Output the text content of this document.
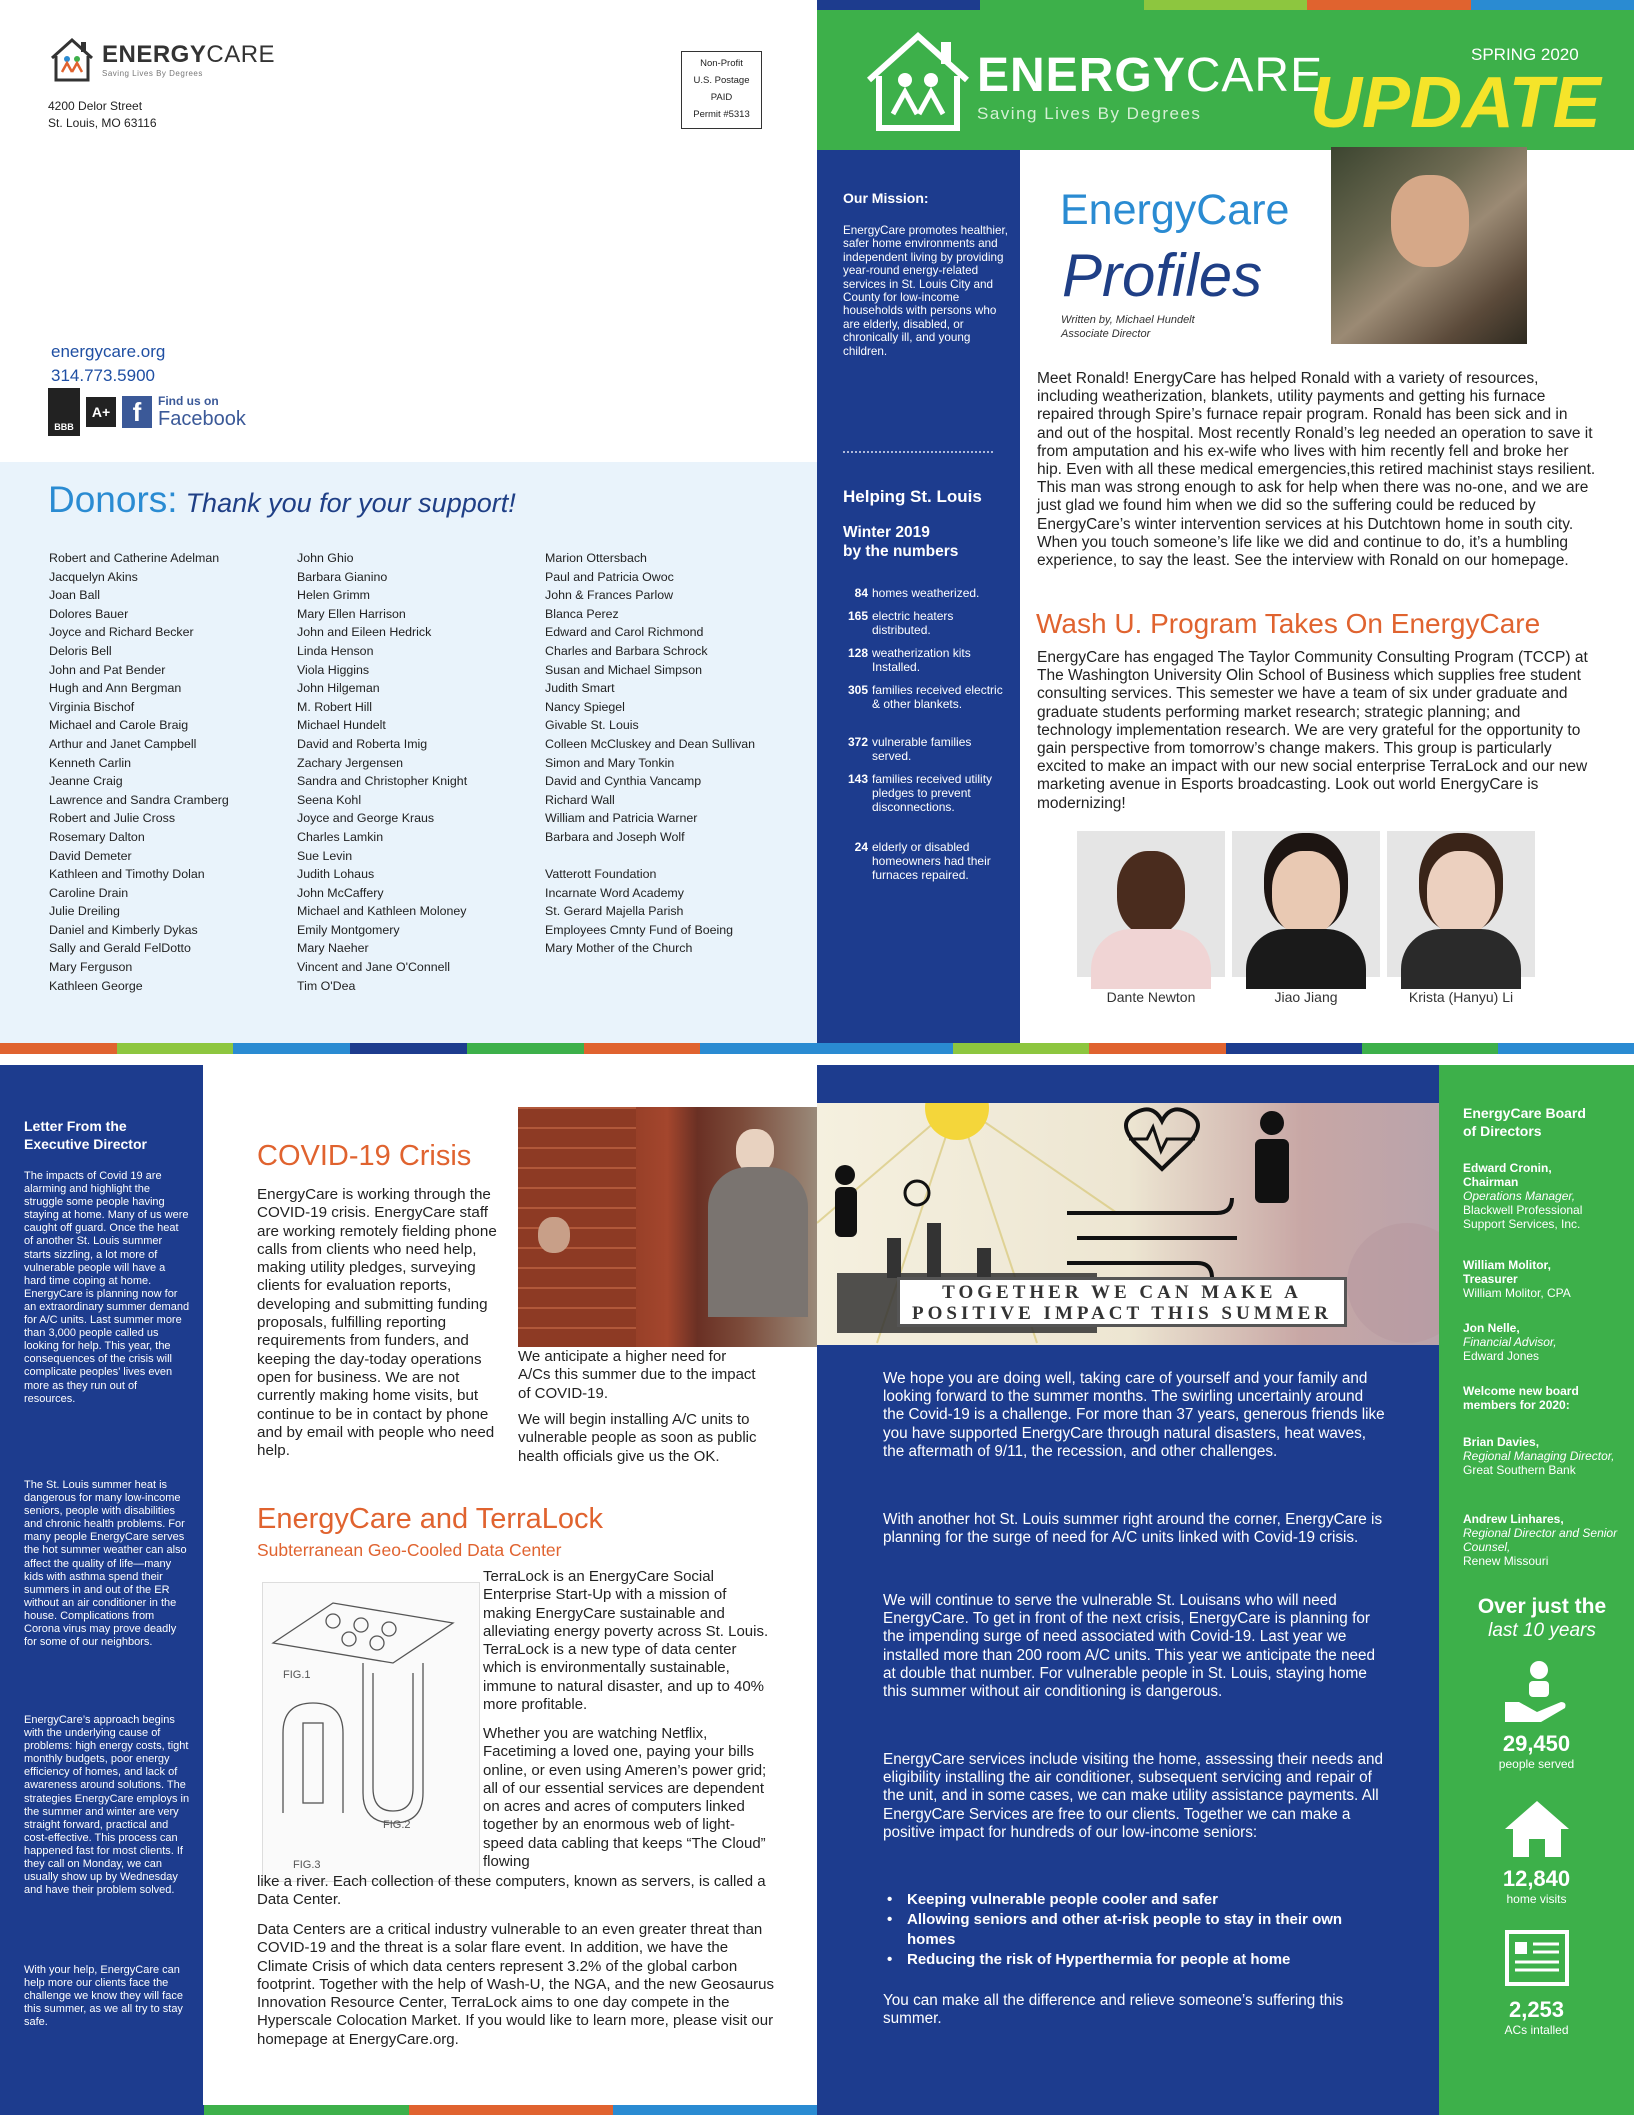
ENERGYCARE
Saving Lives By Degrees
4200 Delor Street
St. Louis, MO 63116
Non-Profit
U.S. Postage
PAID
Permit #5313
energycare.org
314.773.5900
BBB
A+ f	Find us on
Facebook
Donors: Thank you for your support!
Robert and Catherine Adelman
Jacquelyn Akins
Joan Ball
Dolores Bauer
Joyce and Richard Becker
Deloris Bell
John and Pat Bender
Hugh and Ann Bergman
Virginia Bischof
Michael and Carole Braig
Arthur and Janet Campbell
Kenneth Carlin
Jeanne Craig
Lawrence and Sandra Cramberg
Robert and Julie Cross
Rosemary Dalton
David Demeter
Kathleen and Timothy Dolan
Caroline Drain
Julie Dreiling
Daniel and Kimberly Dykas
Sally and Gerald FelDotto
Mary Ferguson
Kathleen George
John Ghio
Barbara Gianino
Helen Grimm
Mary Ellen Harrison
John and Eileen Hedrick
Linda Henson
Viola Higgins
John Hilgeman
M. Robert Hill
Michael Hundelt
David and Roberta Imig
Zachary Jergensen
Sandra and Christopher Knight
Seena Kohl
Joyce and George Kraus
Charles Lamkin
Sue Levin
Judith Lohaus
John McCaffery
Michael and Kathleen Moloney
Emily Montgomery
Mary Naeher
Vincent and Jane O'Connell
Tim O'Dea
Marion Ottersbach
Paul and Patricia Owoc
John & Frances Parlow
Blanca Perez
Edward and Carol Richmond
Charles and Barbara Schrock
Susan and Michael Simpson
Judith Smart
Nancy Spiegel
Givable St. Louis
Colleen McCluskey and Dean Sullivan
Simon and Mary Tonkin
David and Cynthia Vancamp
Richard Wall
William and Patricia Warner
Barbara and Joseph Wolf

Vatterott Foundation
Incarnate Word Academy
St. Gerard Majella Parish
Employees Cmnty Fund of Boeing
Mary Mother of the Church
ENERGYCARE
Saving Lives By Degrees
SPRING 2020
UPDATE
Our Mission:
EnergyCare promotes healthier, safer home environments and independent living by providing year-round energy-related services in St. Louis City and County for low-income households with persons who are elderly, disabled, or chronically ill, and young children.
Helping St. Louis
Winter 2019
by the numbers
84 homes weatherized.
165 electric heaters distributed.
128 weatherization kits Installed.
305 families received electric & other blankets.
372 vulnerable families served.
143 families received utility pledges to prevent disconnections.
24 elderly or disabled homeowners had their furnaces repaired.
EnergyCare
Profiles
Written by, Michael Hundelt
Associate Director
Meet Ronald! EnergyCare has helped Ronald with a variety of resources, including weatherization, blankets, utility payments and getting his furnace repaired through Spire’s furnace repair program. Ronald has been sick and in and out of the hospital. Most recently Ronald’s leg needed an operation to save it from amputation and his ex-wife who lives with him recently fell and broke her hip. Even with all these medical emergencies,this retired machinist stays resilient. This man was strong enough to ask for help when there was no-one, and we are just glad we found him when we did so the suffering could be reduced by EnergyCare’s winter intervention services at his Dutchtown home in south city. When you touch someone’s life like we did and continue to do, it’s a humbling experience, to say the least. See the interview with Ronald on our homepage.
Wash U. Program Takes On EnergyCare
EnergyCare has engaged The Taylor Community Consulting Program (TCCP) at The Washington University Olin School of Business which supplies free student consulting services. This semester we have a team of six under graduate and graduate students performing market research; strategic planning; and technology implementation research. We are very grateful for the opportunity to gain perspective from tomorrow’s change makers. This group is particularly excited to make an impact with our new social enterprise TerraLock and our new marketing avenue in Esports broadcasting. Look out world EnergyCare is modernizing!
Dante Newton	Jiao Jiang	Krista (Hanyu) Li
Letter From the
Executive Director
The impacts of Covid 19 are alarming and highlight the struggle some people having staying at home. Many of us were caught off guard. Once the heat of another St. Louis summer starts sizzling, a lot more of vulnerable people will have a hard time coping at home. EnergyCare is planning now for an extraordinary summer demand for A/C units. Last summer more than 3,000 people called us looking for help. This year, the consequences of the crisis will complicate peoples’ lives even more as they run out of resources.
The St. Louis summer heat is dangerous for many low-income seniors, people with disabilities and chronic health problems. For many people EnergyCare serves the hot summer weather can also affect the quality of life—many kids with asthma spend their summers in and out of the ER without an air conditioner in the house. Complications from Corona virus may prove deadly for some of our neighbors.
EnergyCare’s approach begins with the underlying cause of problems: high energy costs, tight monthly budgets, poor energy efficiency of homes, and lack of awareness around solutions. The strategies EnergyCare employs in the summer and winter are very straight forward, practical and cost-effective. This process can happened fast for most clients. If they call on Monday, we can usually show up by Wednesday and have their problem solved.
With your help, EnergyCare can help more our clients face the challenge we know they will face this summer, as we all try to stay safe.
COVID-19 Crisis
EnergyCare is working through the COVID-19 crisis. EnergyCare staff are working remotely fielding phone calls from clients who need help, making utility pledges, surveying clients for evaluation reports, developing and submitting funding proposals, fulfilling reporting requirements from funders, and keeping the day-today operations open for business. We are not currently making home visits, but continue to be in contact by phone and by email with people who need help.
We anticipate a higher need for A/Cs this summer due to the impact of COVID-19.
We will begin installing A/C units to vulnerable people as soon as public health officials give us the OK.
EnergyCare and TerraLock
Subterranean Geo-Cooled Data Center
FIG.1
FIG.2
FIG.3
TerraLock is an EnergyCare Social Enterprise Start-Up with a mission of making EnergyCare sustainable and alleviating energy poverty across St. Louis. TerraLock is a new type of data center which is environmentally sustainable, immune to natural disaster, and up to 40% more profitable.
Whether you are watching Netflix, Facetiming a loved one, paying your bills online, or even using Ameren’s power grid; all of our essential services are dependent on acres and acres of computers linked together by an enormous web of light-speed data cabling that keeps “The Cloud” flowing
like a river. Each collection of these computers, known as servers, is called a Data Center.
Data Centers are a critical industry vulnerable to an even greater threat than COVID-19 and the threat is a solar flare event. In addition, we have the Climate Crisis of which data centers represent 3.2% of the global carbon footprint. Together with the help of Wash-U, the NGA, and the new Geosaurus Innovation Resource Center, TerraLock aims to one day compete in the Hyperscale Colocation Market. If you would like to learn more, please visit our homepage at EnergyCare.org.
TOGETHER WE CAN MAKE A
POSITIVE IMPACT THIS SUMMER
We hope you are doing well, taking care of yourself and your family and looking forward to the summer months. The swirling uncertainly around the Covid-19 is a challenge. For more than 37 years, generous friends like you have supported EnergyCare through natural disasters, heat waves, the aftermath of 9/11, the recession, and other challenges.
With another hot St. Louis summer right around the corner, EnergyCare is planning for the surge of need for A/C units linked with Covid-19 crisis.
We will continue to serve the vulnerable St. Louisans who will need EnergyCare. To get in front of the next crisis, EnergyCare is planning for the impending surge of need associated with Covid-19. Last year we installed more than 200 room A/C units. This year we anticipate the need at double that number. For vulnerable people in St. Louis, staying home this summer without air conditioning is dangerous.
EnergyCare services include visiting the home, assessing their needs and eligibility installing the air conditioner, subsequent servicing and repair of the unit, and in some cases, we can make utility assistance payments. All EnergyCare Services are free to our clients. Together we can make a positive impact for hundreds of our low-income seniors:
• Keeping vulnerable people cooler and safer
• Allowing seniors and other at-risk people to stay in their own homes
• Reducing the risk of Hyperthermia for people at home
You can make all the difference and relieve someone’s suffering this summer.
EnergyCare Board
of Directors
Edward Cronin,
Chairman
Operations Manager,
Blackwell Professional Support Services, Inc.
William Molitor,
Treasurer
William Molitor, CPA
Jon Nelle,
Financial Advisor,
Edward Jones
Welcome new board
members for 2020:
Brian Davies,
Regional Managing Director,
Great Southern Bank
Andrew Linhares,
Regional Director and Senior Counsel,
Renew Missouri
Over just the
last 10 years
29,450
people served
12,840
home visits
2,253
ACs intalled
